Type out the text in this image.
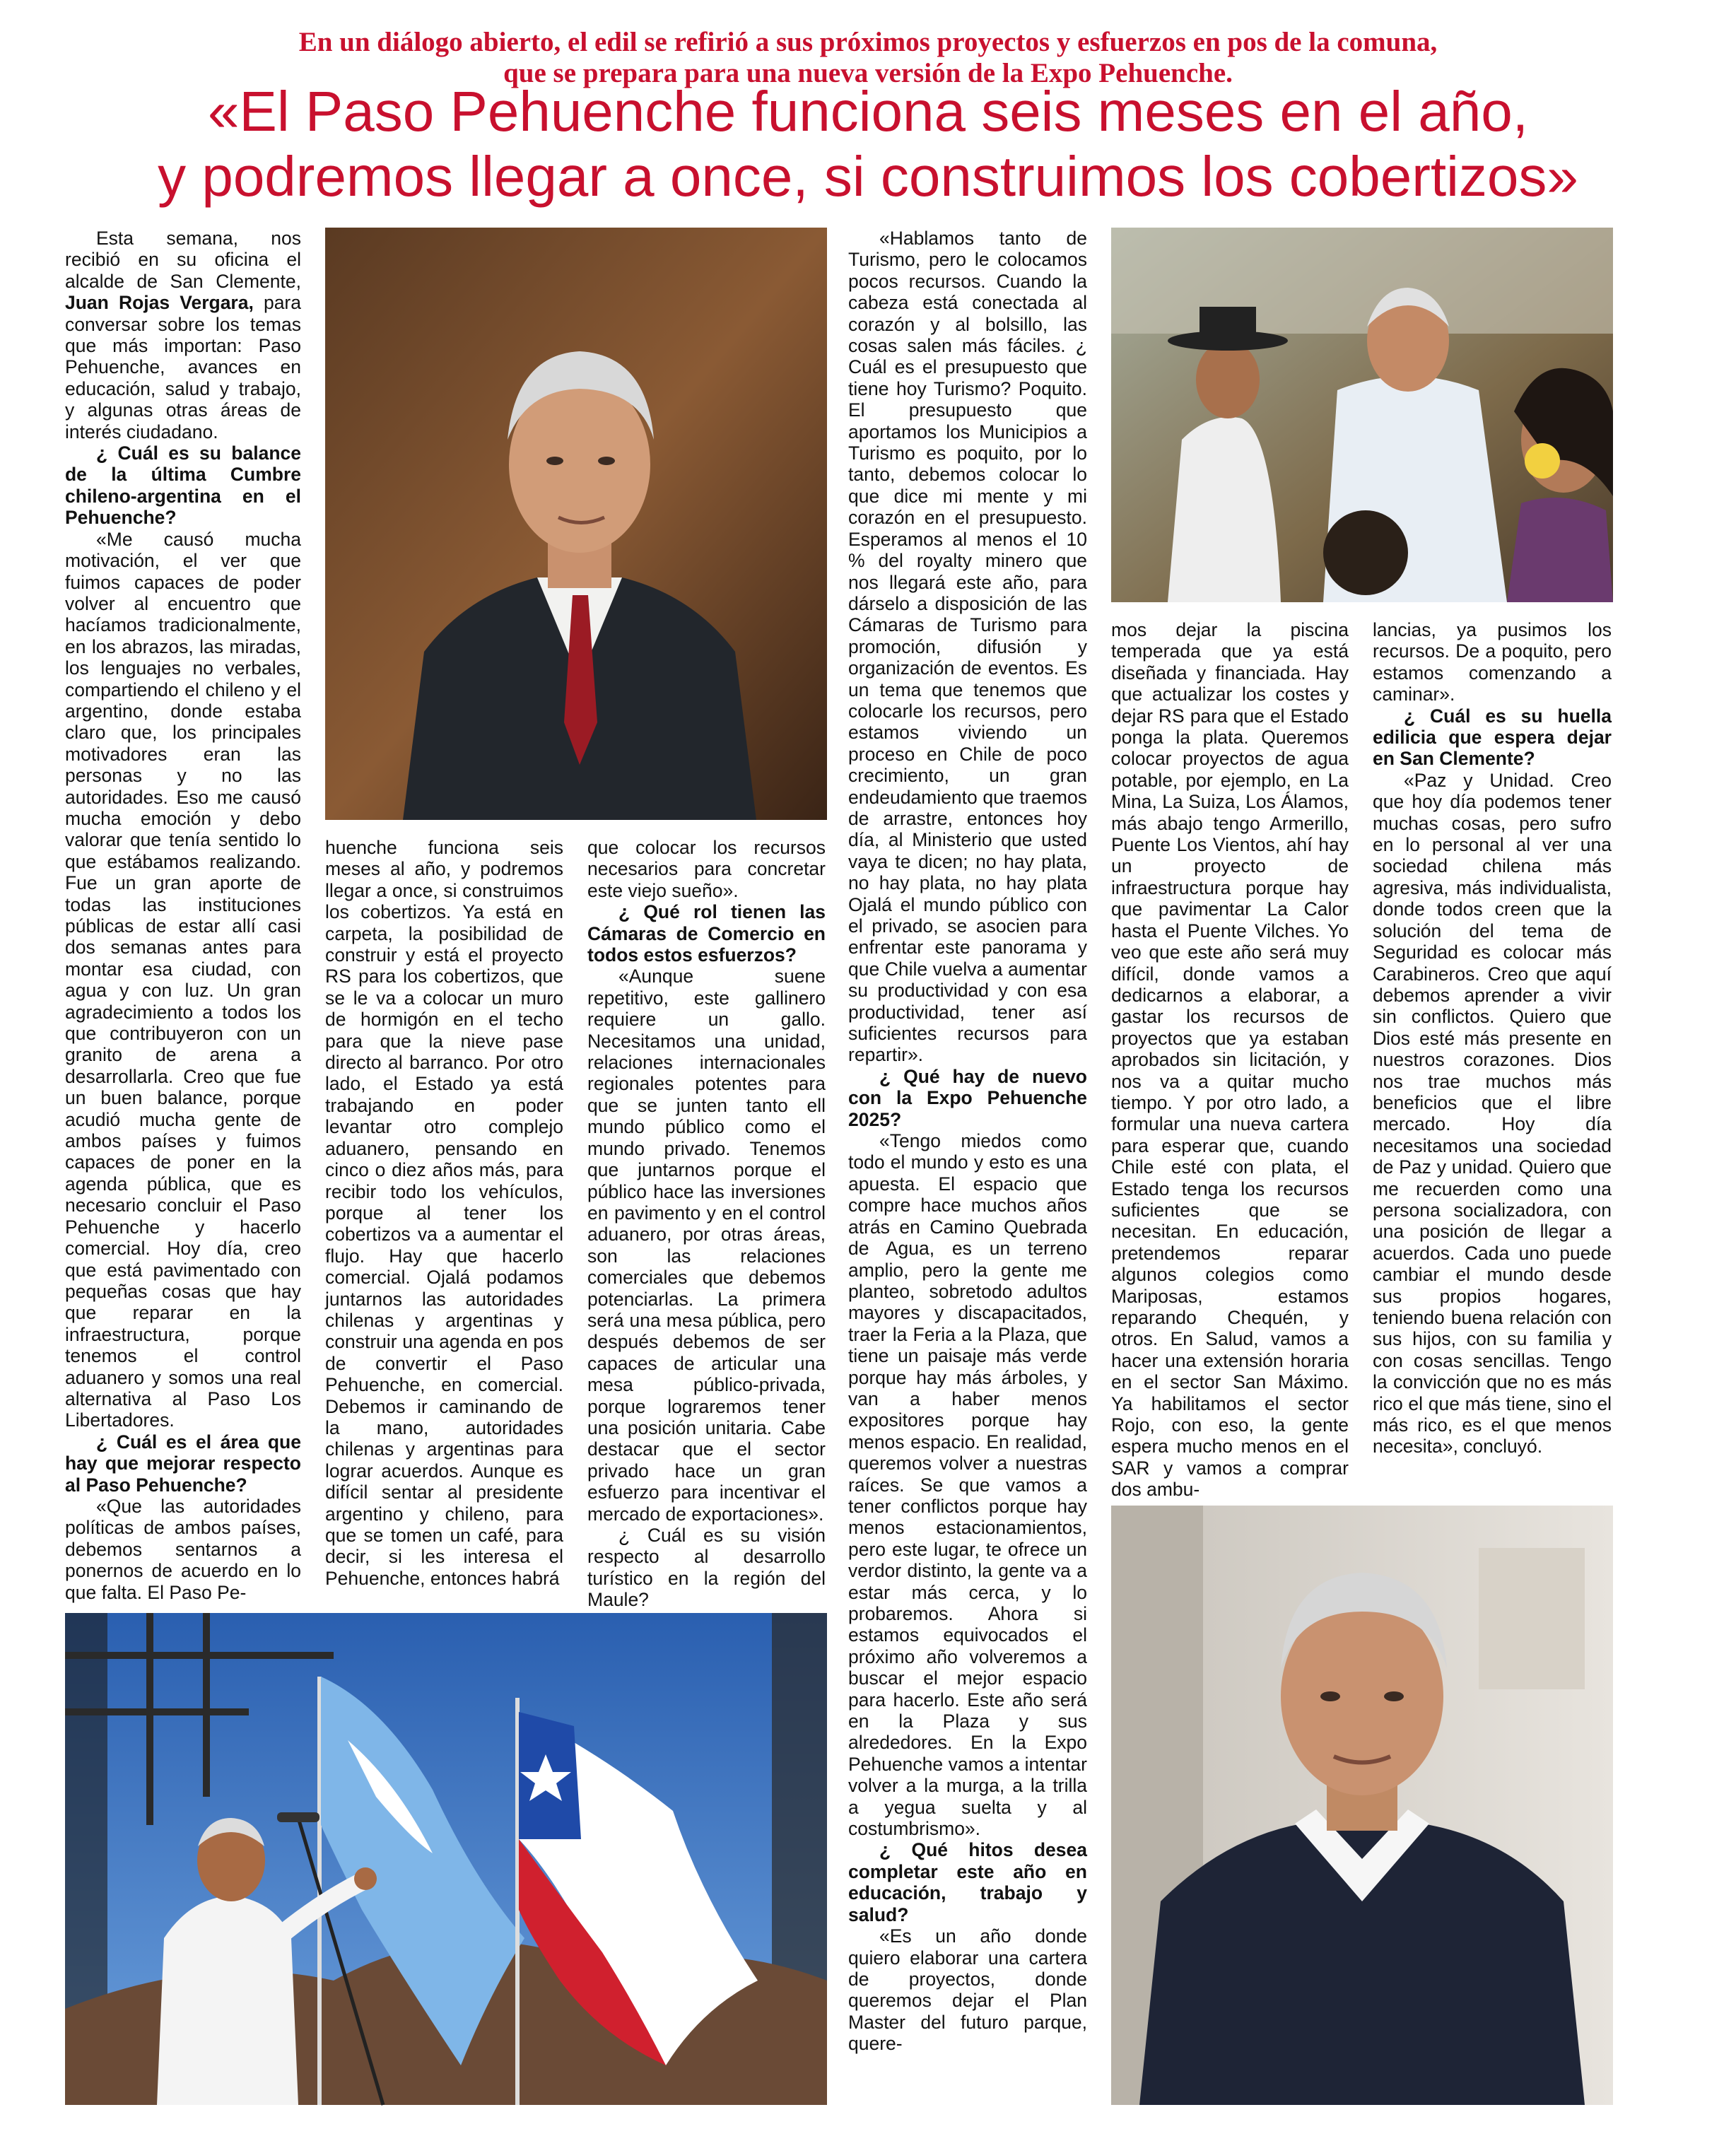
En un diálogo abierto, el edil se refirió a sus próximos proyectos y esfuerzos en pos de la comuna,
que se prepara para una nueva versión de la Expo Pehuenche.
«El Paso Pehuenche funciona seis meses en el año,
y podremos llegar a once, si construimos los cobertizos»

Esta semana, nos recibió en su oficina el alcalde de San Clemente, Juan Rojas Vergara, para conversar sobre los temas que más importan: Paso Pehuenche, avances en educación, salud y trabajo, y algunas otras áreas de interés ciudadano.

¿ Cuál es su balance de la última Cumbre chileno-argentina en el Pehuenche?

«Me causó mucha motivación, el ver que fuimos capaces de poder volver al encuentro que hacíamos tradicionalmente, en los abrazos, las miradas, los lenguajes no verbales, compartiendo el chileno y el argentino, donde estaba claro que, los principales motivadores eran las personas y no las autoridades. Eso me causó mucha emoción y debo valorar que tenía sentido lo que estábamos realizando. Fue un gran aporte de todas las instituciones públicas de estar allí casi dos semanas antes para montar esa ciudad, con agua y con luz. Un gran agradecimiento a todos los que contribuyeron con un granito de arena a desarrollarla. Creo que fue un buen balance, porque acudió mucha gente de ambos países y fuimos capaces de poner en la agenda pública, que es necesario concluir el Paso Pehuenche y hacerlo comercial. Hoy día, creo que está pavimentado con pequeñas cosas que hay que reparar en la infraestructura, porque tenemos el control aduanero y somos una real alternativa al Paso Los Libertadores.

¿ Cuál es el área que hay que mejorar respecto al Paso Pehuenche?

«Que las autoridades políticas de ambos países, debemos sentarnos a ponernos de acuerdo en lo que falta. El Paso Pe-

huenche funciona seis meses al año, y podremos llegar a once, si construimos los cobertizos. Ya está en carpeta, la posibilidad de construir y está el proyecto RS para los cobertizos, que se le va a colocar un muro de hormigón en el techo para que la nieve pase directo al barranco. Por otro lado, el Estado ya está trabajando en poder levantar otro complejo aduanero, pensando en cinco o diez años más, para recibir todo los vehículos, porque al tener los cobertizos va a aumentar el flujo. Hay que hacerlo comercial. Ojalá podamos juntarnos las autoridades chilenas y argentinas y construir una agenda en pos de convertir el Paso Pehuenche, en comercial. Debemos ir caminando de la mano, autoridades chilenas y argentinas para lograr acuerdos. Aunque es difícil sentar al presidente argentino y chileno, para que se tomen un café, para decir, si les interesa el Pehuenche, entonces habrá

que colocar los recursos necesarios para concretar este viejo sueño».

¿ Qué rol tienen las Cámaras de Comercio en todos estos esfuerzos?

«Aunque suene repetitivo, este gallinero requiere un gallo. Necesitamos una unidad, relaciones internacionales regionales potentes para que se junten tanto ell mundo público como el mundo privado. Tenemos que juntarnos porque el público hace las inversiones en pavimento y en el control aduanero, por otras áreas, son las relaciones comerciales que debemos potenciarlas. La primera será una mesa pública, pero después debemos de ser capaces de articular una mesa público-privada, porque lograremos tener una posición unitaria. Cabe destacar que el sector privado hace un gran esfuerzo para incentivar el mercado de exportaciones».

¿ Cuál es su visión respecto al desarrollo turístico en la región del Maule?

«Hablamos tanto de Turismo, pero le colocamos pocos recursos. Cuando la cabeza está conectada al corazón y al bolsillo, las cosas salen más fáciles. ¿ Cuál es el presupuesto que tiene hoy Turismo? Poquito. El presupuesto que aportamos los Municipios a Turismo es poquito, por lo tanto, debemos colocar lo que dice mi mente y mi corazón en el presupuesto. Esperamos al menos el 10 % del royalty minero que nos llegará este año, para dárselo a disposición de las Cámaras de Turismo para promoción, difusión y organización de eventos. Es un tema que tenemos que colocarle los recursos, pero estamos viviendo un proceso en Chile de poco crecimiento, un gran endeudamiento que traemos de arrastre, entonces hoy día, al Ministerio que usted vaya te dicen; no hay plata, no hay plata, no hay plata Ojalá el mundo público con el privado, se asocien para enfrentar este panorama y que Chile vuelva a aumentar su productividad y con esa productividad, tener así suficientes recursos para repartir».

¿ Qué hay de nuevo con la Expo Pehuenche 2025?

«Tengo miedos como todo el mundo y esto es una apuesta. El espacio que compre hace muchos años atrás en Camino Quebrada de Agua, es un terreno amplio, pero la gente me planteo, sobretodo adultos mayores y discapacitados, traer la Feria a la Plaza, que tiene un paisaje más verde porque hay más árboles, y van a haber menos expositores porque hay menos espacio. En realidad, queremos volver a nuestras raíces. Se que vamos a tener conflictos porque hay menos estacionamientos, pero este lugar, te ofrece un verdor distinto, la gente va a estar más cerca, y lo probaremos. Ahora si estamos equivocados el próximo año volveremos a buscar el mejor espacio para hacerlo. Este año será en la Plaza y sus alrededores. En la Expo Pehuenche vamos a intentar volver a la murga, a la trilla a yegua suelta y al costumbrismo».

¿ Qué hitos desea completar este año en educación, trabajo y salud?

«Es un año donde quiero elaborar una cartera de proyectos, donde queremos dejar el Plan Master del futuro parque, quere-

mos dejar la piscina temperada que ya está diseñada y financiada. Hay que actualizar los costes y dejar RS para que el Estado ponga la plata. Queremos colocar proyectos de agua potable, por ejemplo, en La Mina, La Suiza, Los Álamos, más abajo tengo Armerillo, Puente Los Vientos, ahí hay un proyecto de infraestructura porque hay que pavimentar La Calor hasta el Puente Vilches. Yo veo que este año será muy difícil, donde vamos a dedicarnos a elaborar, a gastar los recursos de proyectos que ya estaban aprobados sin licitación, y nos va a quitar mucho tiempo. Y por otro lado, a formular una nueva cartera para esperar que, cuando Chile esté con plata, el Estado tenga los recursos suficientes que se necesitan. En educación, pretendemos reparar algunos colegios como Mariposas, estamos reparando Chequén, y otros. En Salud, vamos a hacer una extensión horaria en el sector San Máximo. Ya habilitamos el sector Rojo, con eso, la gente espera mucho menos en el SAR y vamos a comprar dos ambu-

lancias, ya pusimos los recursos. De a poquito, pero estamos comenzando a caminar».

¿ Cuál es su huella edilicia que espera dejar en San Clemente?

«Paz y Unidad. Creo que hoy día podemos tener muchas cosas, pero sufro en lo personal al ver una sociedad chilena más agresiva, más individualista, donde todos creen que la solución del tema de Seguridad es colocar más Carabineros. Creo que aquí debemos aprender a vivir sin conflictos. Quiero que Dios esté más presente en nuestros corazones. Dios nos trae muchos más beneficios que el libre mercado. Hoy día necesitamos una sociedad de Paz y unidad. Quiero que me recuerden como una persona socializadora, con una posición de llegar a acuerdos. Cada uno puede cambiar el mundo desde sus propios hogares, teniendo buena relación con sus hijos, con su familia y con cosas sencillas. Tengo la convicción que no es más rico el que más tiene, sino el más rico, es el que menos necesita», concluyó.
